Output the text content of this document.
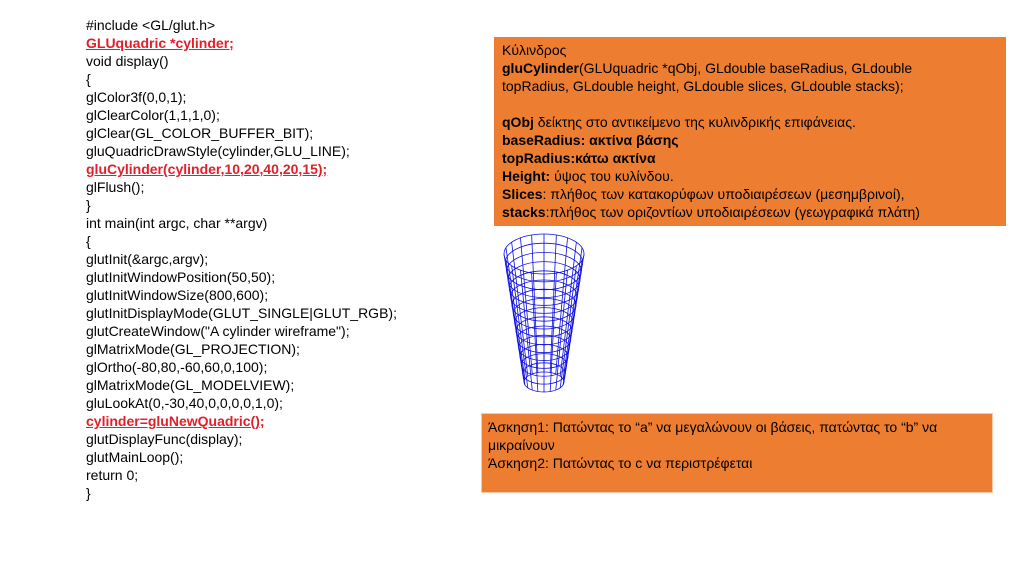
#include <GL/glut.h>
GLUquadric *cylinder;
void display()
{
glColor3f(0,0,1);
glClearColor(1,1,1,0);
glClear(GL_COLOR_BUFFER_BIT);
gluQuadricDrawStyle(cylinder,GLU_LINE);
gluCylinder(cylinder,10,20,40,20,15);
glFlush();
}
int main(int argc, char **argv)
{
glutInit(&argc,argv);
glutInitWindowPosition(50,50);
glutInitWindowSize(800,600);
glutInitDisplayMode(GLUT_SINGLE|GLUT_RGB);
glutCreateWindow("A cylinder wireframe");
glMatrixMode(GL_PROJECTION);
glOrtho(-80,80,-60,60,0,100);
glMatrixMode(GL_MODELVIEW);
gluLookAt(0,-30,40,0,0,0,0,1,0);
cylinder=gluNewQuadric();
glutDisplayFunc(display);
glutMainLoop();
return 0;
}
Κύλινδρος
gluCylinder(GLUquadric *qObj, GLdouble baseRadius, GLdouble
topRadius, GLdouble height, GLdouble slices, GLdouble stacks);
qObj δείκτης στο αντικείμενο της κυλινδρικής επιφάνειας.
baseRadius: ακτίνα βάσης
topRadius:κάτω ακτίνα
Height: ύψος του κυλίνδου.
Slices: πλήθος των κατακορύφων υποδιαιρέσεων (μεσημβρινοί),
stacks:πλήθος των οριζοντίων υποδιαιρέσεων (γεωγραφικά πλάτη)
Άσκηση1: Πατώντας το “a” να μεγαλώνουν οι βάσεις, πατώντας το “b” να
μικραίνουν
Άσκηση2: Πατώντας το c να περιστρέφεται
